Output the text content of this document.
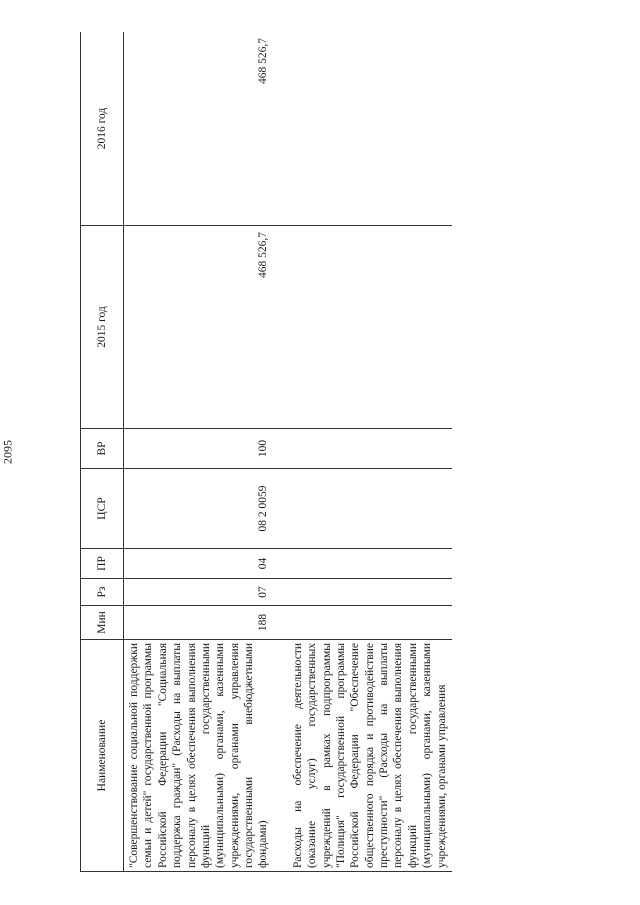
2095
Наименование	Мин	Рз	ПР	ЦСР	ВР	2015 год	2016 год
"Совершенствование социальной поддержки семьи и детей" государственной программы Российской Федерации "Социальная поддержка граждан" (Расходы на выплаты персоналу в целях обеспечения выполнения функций государственными (муниципальными) органами, казенными учреждениями, органами управления государственными внебюджетными фондами)	188	07	04	08 2 0059	100	468 526,7	468 526,7

Расходы на обеспечение деятельности (оказание услуг) государственных учреждений в рамках подпрограммы "Полиция" государственной программы Российской Федерации "Обеспечение общественного порядка и противодействие преступности" (Расходы на выплаты персоналу в целях обеспечения выполнения функций государственными (муниципальными) органами, казенными учреждениями, органами управления							
